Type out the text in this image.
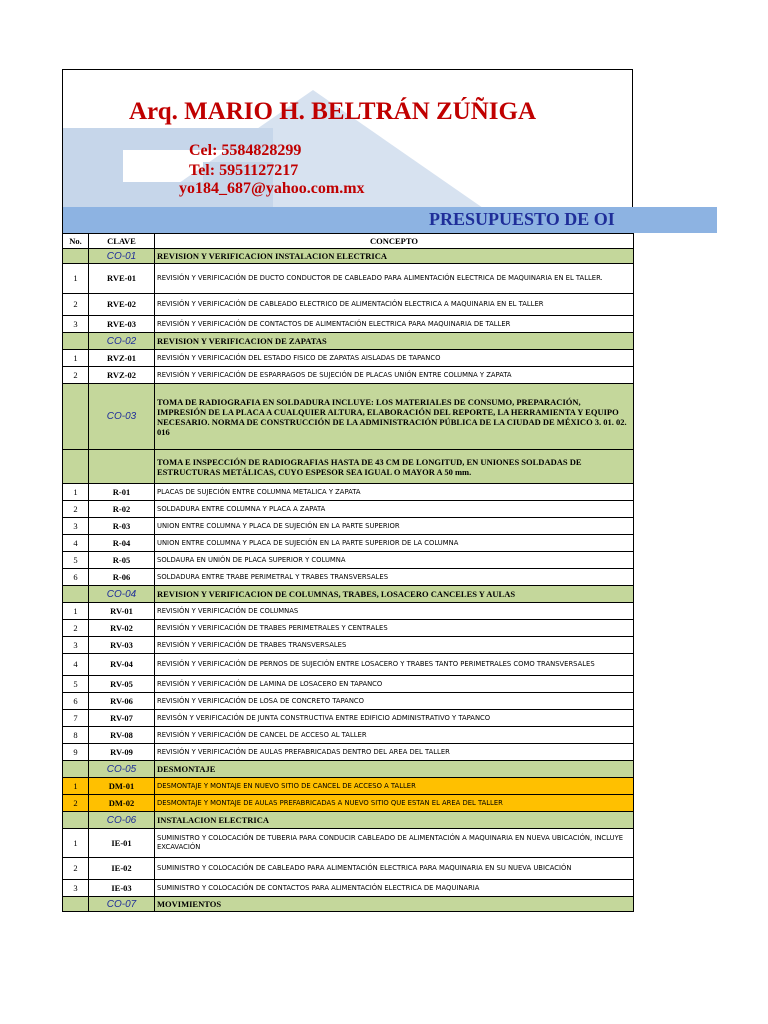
Arq. MARIO H. BELTRÁN ZÚÑIGA
Cel: 5584828299
Tel: 5951127217
yo184_687@yahoo.com.mx
PRESUPUESTO DE OI
No.	CLAVE	CONCEPTO
	CO-01	REVISION Y VERIFICACION INSTALACION ELECTRICA
1	RVE-01	REVISIÓN Y VERIFICACIÓN DE DUCTO CONDUCTOR DE CABLEADO PARA ALIMENTACIÓN ELECTRICA DE MAQUINARIA EN EL TALLER.
2	RVE-02	REVISIÓN Y VERIFICACIÓN DE CABLEADO ELECTRICO DE ALIMENTACIÓN ELECTRICA A MAQUINARIA EN EL TALLER
3	RVE-03	REVISIÓN Y VERIFICACIÓN DE CONTACTOS DE ALIMENTACIÓN ELECTRICA PARA MAQUINARIA DE TALLER
	CO-02	REVISION Y VERIFICACION DE ZAPATAS
1	RVZ-01	REVISIÓN Y VERIFICACIÓN DEL ESTADO FISICO DE ZAPATAS AISLADAS DE TAPANCO
2	RVZ-02	REVISIÓN Y VERIFICACIÓN DE ESPARRAGOS DE SUJECIÓN DE PLACAS UNIÓN ENTRE COLUMNA Y ZAPATA
	CO-03	TOMA DE RADIOGRAFIA EN SOLDADURA INCLUYE: LOS MATERIALES DE CONSUMO, PREPARACIÓN, IMPRESIÓN DE LA PLACA A CUALQUIER ALTURA, ELABORACIÓN DEL REPORTE, LA HERRAMIENTA Y EQUIPO NECESARIO. NORMA DE CONSTRUCCIÓN DE LA ADMINISTRACIÓN PÚBLICA DE LA CIUDAD DE MÉXICO 3. 01. 02. 016
		TOMA E INSPECCIÓN DE RADIOGRAFIAS HASTA DE 43 CM DE LONGITUD, EN UNIONES SOLDADAS DE ESTRUCTURAS METÁLICAS, CUYO ESPESOR SEA IGUAL O MAYOR A 50 mm.
1	R-01	PLACAS DE SUJECIÓN ENTRE COLUMNA METALICA Y ZAPATA
2	R-02	SOLDADURA ENTRE COLUMNA Y PLACA A ZAPATA
3	R-03	UNION ENTRE COLUMNA Y PLACA DE SUJECIÓN EN LA PARTE SUPERIOR
4	R-04	UNION ENTRE COLUMNA Y PLACA DE SUJECIÓN EN LA PARTE SUPERIOR DE LA COLUMNA
5	R-05	SOLDAURA EN UNIÓN DE PLACA SUPERIOR Y COLUMNA
6	R-06	SOLDADURA ENTRE TRABE PERIMETRAL Y TRABES TRANSVERSALES
	CO-04	REVISION Y VERIFICACION DE COLUMNAS, TRABES, LOSACERO CANCELES Y AULAS
1	RV-01	REVISIÓN Y VERIFICACIÓN DE COLUMNAS
2	RV-02	REVISIÓN Y VERIFICACIÓN DE TRABES PERIMETRALES Y CENTRALES
3	RV-03	REVISIÓN Y VERIFICACIÓN DE TRABES TRANSVERSALES
4	RV-04	REVISIÓN Y VERIFICACIÓN DE PERNOS DE SUJECIÓN ENTRE LOSACERO Y TRABES TANTO PERIMETRALES COMO TRANSVERSALES
5	RV-05	REVISIÓN Y VERIFICACIÓN DE LAMINA DE LOSACERO EN TAPANCO
6	RV-06	REVISIÓN Y VERIFICACIÓN DE LOSA DE CONCRETO TAPANCO
7	RV-07	REVISÓN Y VERIFICACIÓN DE JUNTA CONSTRUCTIVA ENTRE EDIFICIO ADMINISTRATIVO Y TAPANCO
8	RV-08	REVISIÓN Y VERIFICACIÓN DE CANCEL DE ACCESO AL TALLER
9	RV-09	REVISIÓN Y VERIFICACIÓN DE AULAS PREFABRICADAS DENTRO DEL AREA DEL TALLER
	CO-05	DESMONTAJE
1	DM-01	DESMONTAJE Y MONTAJE EN NUEVO SITIO DE CANCEL DE ACCESO A TALLER
2	DM-02	DESMONTAJE Y MONTAJE DE AULAS PREFABRICADAS A NUEVO SITIO QUE ESTAN EL AREA DEL TALLER
	CO-06	INSTALACION ELECTRICA
1	IE-01	SUMINISTRO Y COLOCACIÓN DE TUBERIA PARA CONDUCIR CABLEADO DE ALIMENTACIÓN A MAQUINARIA EN NUEVA UBICACIÓN, INCLUYE EXCAVACIÓN
2	IE-02	SUMINISTRO Y COLOCACIÓN DE CABLEADO PARA ALIMENTACIÓN ELECTRICA PARA MAQUINARIA EN SU NUEVA UBICACIÓN
3	IE-03	SUMINISTRO Y COLOCACIÓN DE CONTACTOS PARA ALIMENTACIÓN ELECTRICA DE MAQUINARIA
	CO-07	MOVIMIENTOS
